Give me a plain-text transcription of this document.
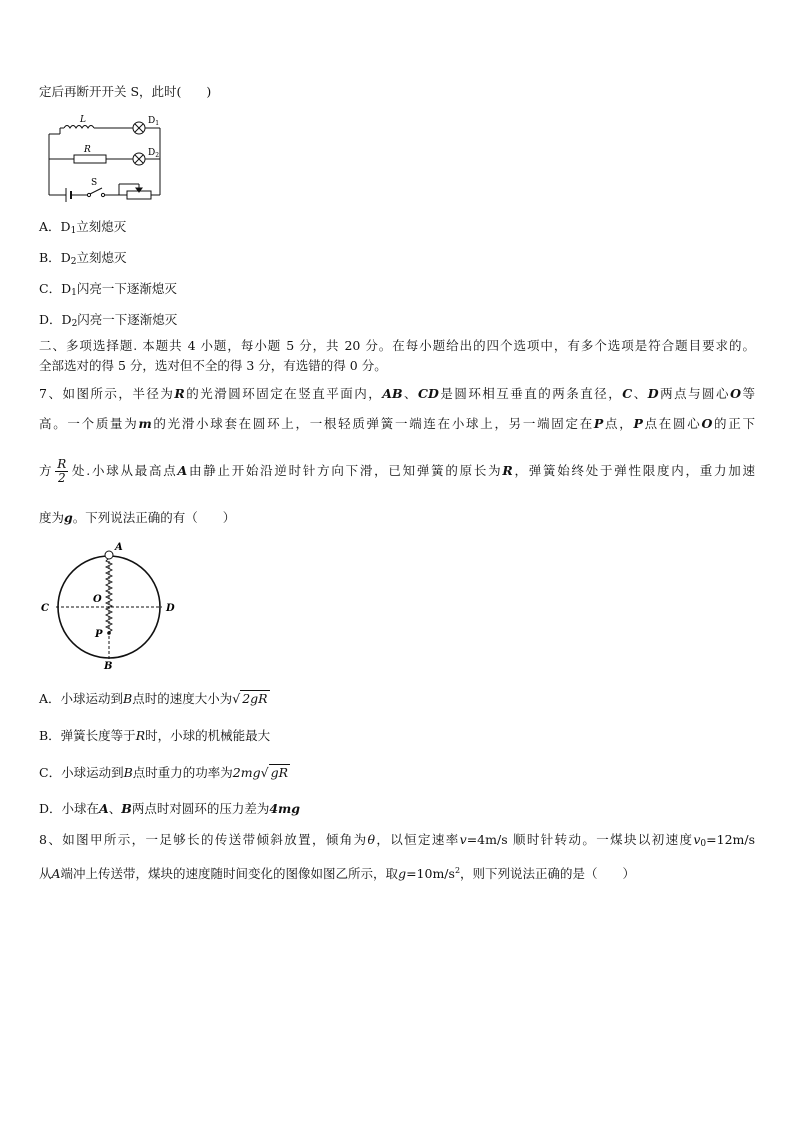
定后再断开开关 S，此时(　　)
L	$D_1$
R	$D_2$
S
A．$D_1$立刻熄灭
B．$D_2$立刻熄灭
C．$D_1$闪亮一下逐渐熄灭
D．$D_2$闪亮一下逐渐熄灭
二、多项选择题. 本题共 4 小题，每小题 5 分，共 20 分。在每小题给出的四个选项中，有多个选项是符合题目要求的。
全部选对的得 5 分，选对但不全的得 3 分，有选错的得 0 分。
7、如图所示，半径为R的光滑圆环固定在竖直平面内，AB、CD是圆环相互垂直的两条直径，C、D两点与圆心O等
高。一个质量为m的光滑小球套在圆环上，一根轻质弹簧一端连在小球上，另一端固定在P点，P点在圆心O的正下
方 $\frac{R}{2}$ 处.小球从最高点A由静止开始沿逆时针方向下滑，已知弹簧的原长为R，弹簧始终处于弹性限度内，重力加速
度为g。下列说法正确的有（　　）
A
B
C	D
O
P
A．小球运动到B点时的速度大小为√ 2gR
B．弹簧长度等于R时，小球的机械能最大
C．小球运动到B点时重力的功率为2mg√ gR
D．小球在A、B两点时对圆环的压力差为4mg
8、如图甲所示，一足够长的传送带倾斜放置，倾角为θ，以恒定速率v=4m/s 顺时针转动。一煤块以初速度$v_0=12m/s$
从A端冲上传送带，煤块的速度随时间变化的图像如图乙所示，取$g=10m/s^2$，则下列说法正确的是（　　）
